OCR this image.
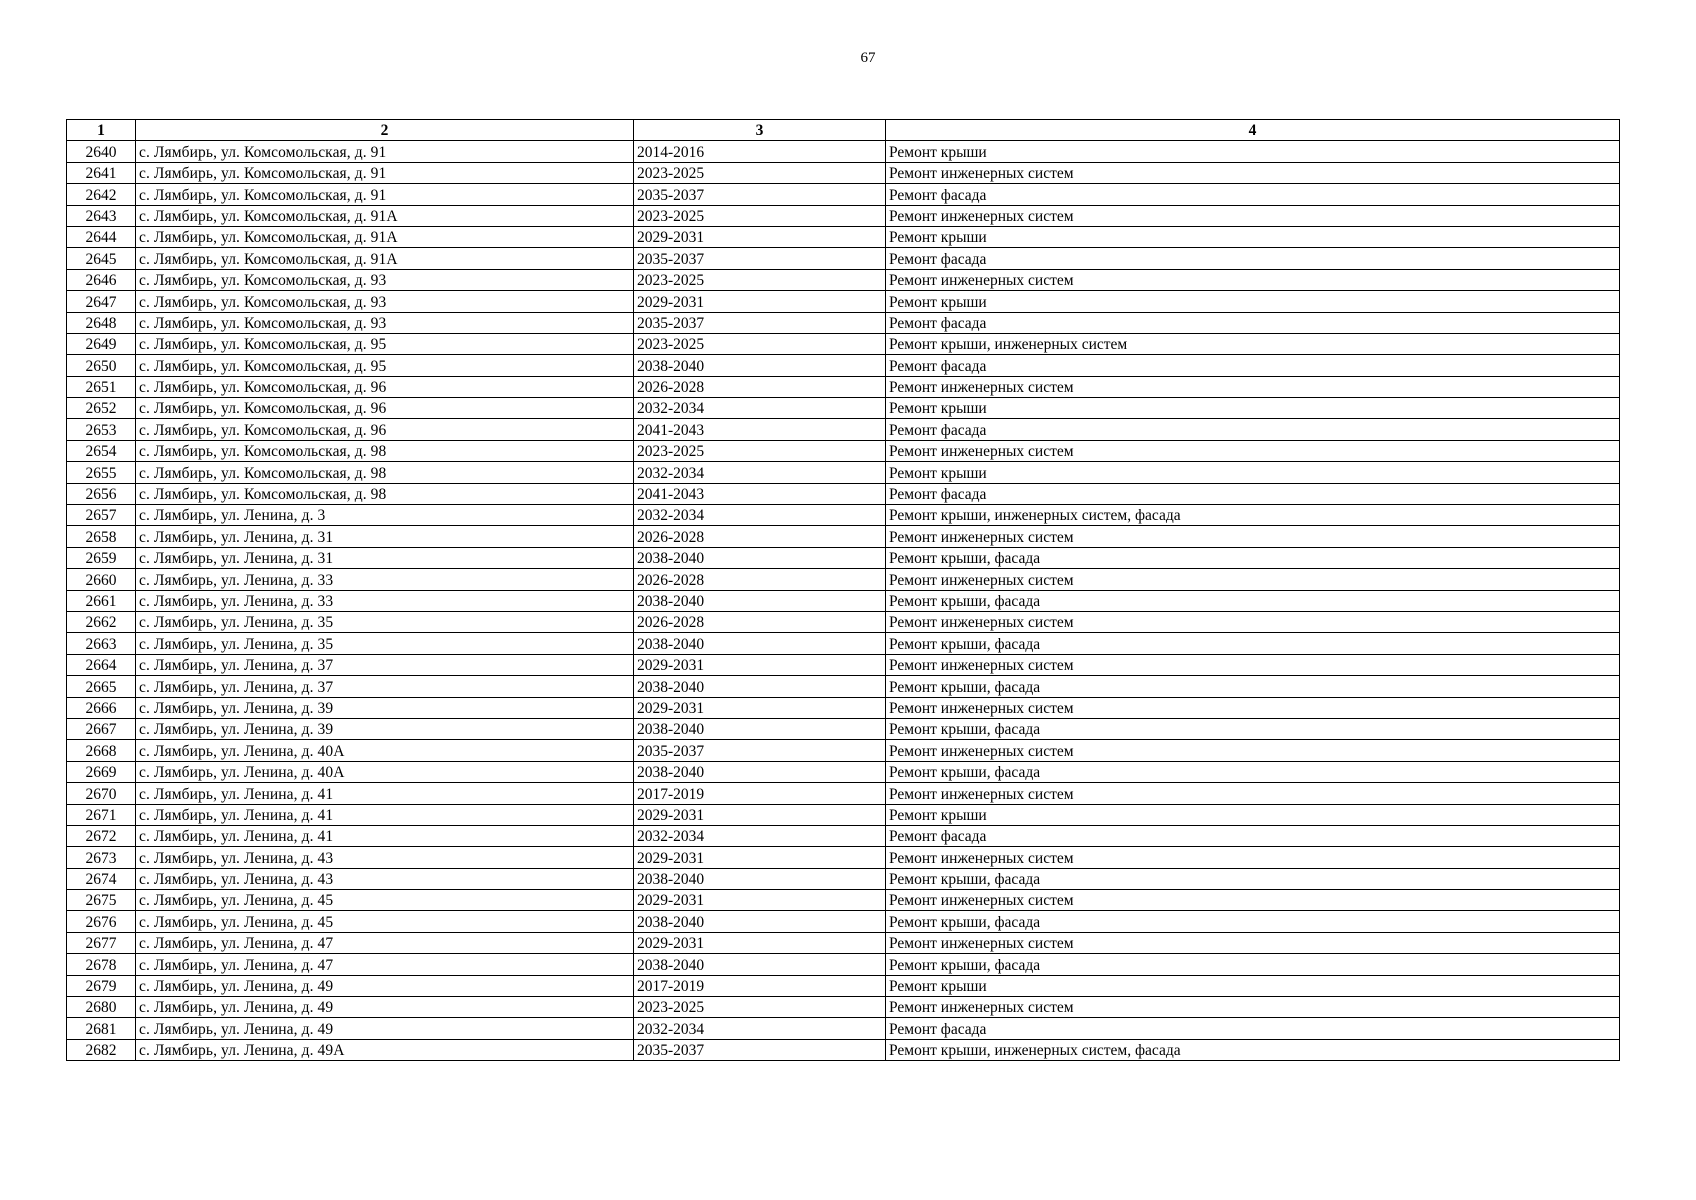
67
1	2	3	4
2640	с. Лямбирь, ул. Комсомольская, д. 91	2014-2016	Ремонт крыши
2641	с. Лямбирь, ул. Комсомольская, д. 91	2023-2025	Ремонт инженерных систем
2642	с. Лямбирь, ул. Комсомольская, д. 91	2035-2037	Ремонт фасада
2643	с. Лямбирь, ул. Комсомольская, д. 91А	2023-2025	Ремонт инженерных систем
2644	с. Лямбирь, ул. Комсомольская, д. 91А	2029-2031	Ремонт крыши
2645	с. Лямбирь, ул. Комсомольская, д. 91А	2035-2037	Ремонт фасада
2646	с. Лямбирь, ул. Комсомольская, д. 93	2023-2025	Ремонт инженерных систем
2647	с. Лямбирь, ул. Комсомольская, д. 93	2029-2031	Ремонт крыши
2648	с. Лямбирь, ул. Комсомольская, д. 93	2035-2037	Ремонт фасада
2649	с. Лямбирь, ул. Комсомольская, д. 95	2023-2025	Ремонт крыши, инженерных систем
2650	с. Лямбирь, ул. Комсомольская, д. 95	2038-2040	Ремонт фасада
2651	с. Лямбирь, ул. Комсомольская, д. 96	2026-2028	Ремонт инженерных систем
2652	с. Лямбирь, ул. Комсомольская, д. 96	2032-2034	Ремонт крыши
2653	с. Лямбирь, ул. Комсомольская, д. 96	2041-2043	Ремонт фасада
2654	с. Лямбирь, ул. Комсомольская, д. 98	2023-2025	Ремонт инженерных систем
2655	с. Лямбирь, ул. Комсомольская, д. 98	2032-2034	Ремонт крыши
2656	с. Лямбирь, ул. Комсомольская, д. 98	2041-2043	Ремонт фасада
2657	с. Лямбирь, ул. Ленина, д. 3	2032-2034	Ремонт крыши, инженерных систем, фасада
2658	с. Лямбирь, ул. Ленина, д. 31	2026-2028	Ремонт инженерных систем
2659	с. Лямбирь, ул. Ленина, д. 31	2038-2040	Ремонт крыши, фасада
2660	с. Лямбирь, ул. Ленина, д. 33	2026-2028	Ремонт инженерных систем
2661	с. Лямбирь, ул. Ленина, д. 33	2038-2040	Ремонт крыши, фасада
2662	с. Лямбирь, ул. Ленина, д. 35	2026-2028	Ремонт инженерных систем
2663	с. Лямбирь, ул. Ленина, д. 35	2038-2040	Ремонт крыши, фасада
2664	с. Лямбирь, ул. Ленина, д. 37	2029-2031	Ремонт инженерных систем
2665	с. Лямбирь, ул. Ленина, д. 37	2038-2040	Ремонт крыши, фасада
2666	с. Лямбирь, ул. Ленина, д. 39	2029-2031	Ремонт инженерных систем
2667	с. Лямбирь, ул. Ленина, д. 39	2038-2040	Ремонт крыши, фасада
2668	с. Лямбирь, ул. Ленина, д. 40А	2035-2037	Ремонт инженерных систем
2669	с. Лямбирь, ул. Ленина, д. 40А	2038-2040	Ремонт крыши, фасада
2670	с. Лямбирь, ул. Ленина, д. 41	2017-2019	Ремонт инженерных систем
2671	с. Лямбирь, ул. Ленина, д. 41	2029-2031	Ремонт крыши
2672	с. Лямбирь, ул. Ленина, д. 41	2032-2034	Ремонт фасада
2673	с. Лямбирь, ул. Ленина, д. 43	2029-2031	Ремонт инженерных систем
2674	с. Лямбирь, ул. Ленина, д. 43	2038-2040	Ремонт крыши, фасада
2675	с. Лямбирь, ул. Ленина, д. 45	2029-2031	Ремонт инженерных систем
2676	с. Лямбирь, ул. Ленина, д. 45	2038-2040	Ремонт крыши, фасада
2677	с. Лямбирь, ул. Ленина, д. 47	2029-2031	Ремонт инженерных систем
2678	с. Лямбирь, ул. Ленина, д. 47	2038-2040	Ремонт крыши, фасада
2679	с. Лямбирь, ул. Ленина, д. 49	2017-2019	Ремонт крыши
2680	с. Лямбирь, ул. Ленина, д. 49	2023-2025	Ремонт инженерных систем
2681	с. Лямбирь, ул. Ленина, д. 49	2032-2034	Ремонт фасада
2682	с. Лямбирь, ул. Ленина, д. 49А	2035-2037	Ремонт крыши, инженерных систем, фасада
